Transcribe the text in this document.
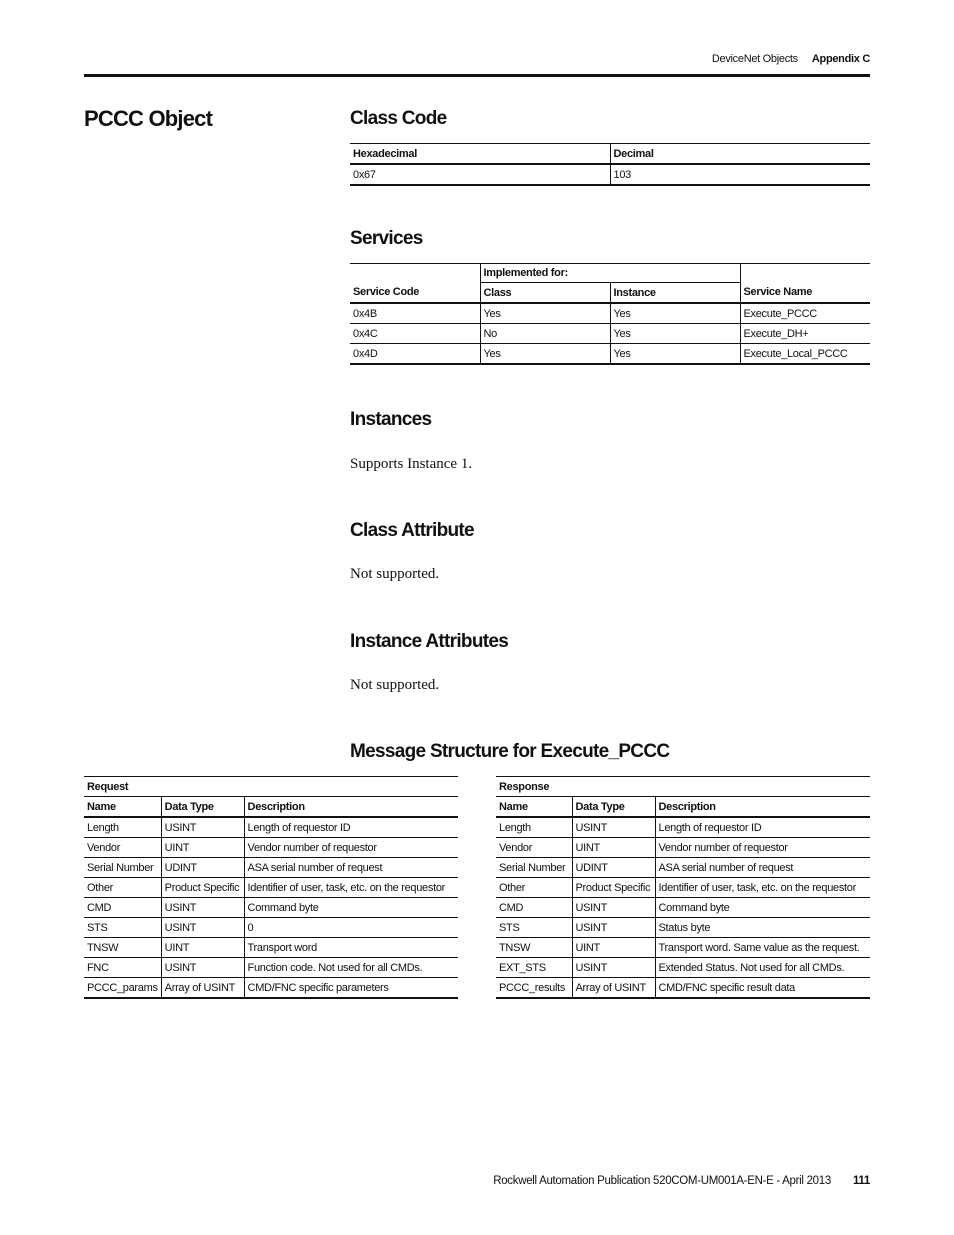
DeviceNet Objects Appendix C
PCCC Object	Class Code
Hexadecimal	Decimal
0x67	103
Services
	Implemented for:		
Service Code	Class	Instance	Service Name
0x4B	Yes	Yes	Execute_PCCC
0x4C	No	Yes	Execute_DH+
0x4D	Yes	Yes	Execute_Local_PCCC
Instances
Supports Instance 1.
Class Attribute
Not supported.
Instance Attributes
Not supported.
Message Structure for Execute_PCCC
Request		
Name	Data Type	Description
Length	USINT	Length of requestor ID
Vendor	UINT	Vendor number of requestor
Serial Number	UDINT	ASA serial number of request
Other	Product Specific	Identifier of user, task, etc. on the requestor
CMD	USINT	Command byte
STS	USINT	0
TNSW	UINT	Transport word
FNC	USINT	Function code. Not used for all CMDs.
PCCC_params	Array of USINT	CMD/FNC specific parameters
Response		
Name	Data Type	Description
Length	USINT	Length of requestor ID
Vendor	UINT	Vendor number of requestor
Serial Number	UDINT	ASA serial number of request
Other	Product Specific	Identifier of user, task, etc. on the requestor
CMD	USINT	Command byte
STS	USINT	Status byte
TNSW	UINT	Transport word. Same value as the request.
EXT_STS	USINT	Extended Status. Not used for all CMDs.
PCCC_results	Array of USINT	CMD/FNC specific result data
Rockwell Automation Publication 520COM-UM001A-EN-E - April 2013 111
